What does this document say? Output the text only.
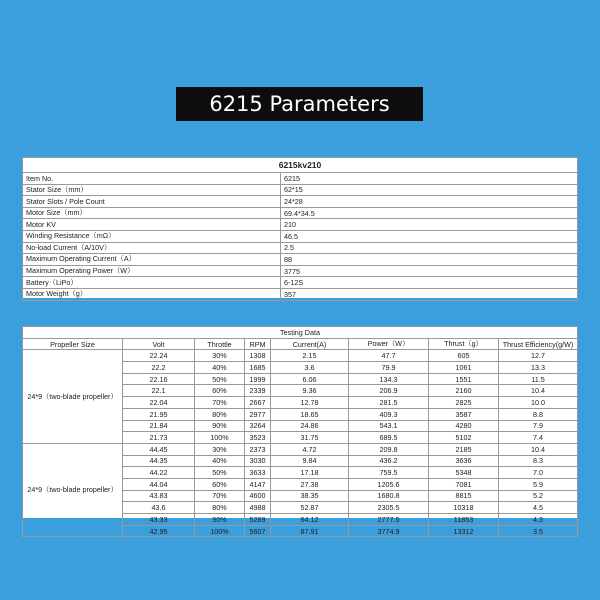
6215 Parameters
6215kv210	
Item No.	6215
Stator Size（mm）	62*15
Stator Slots / Pole Count	24*28
Motor Size（mm）	69.4*34.5
Motor KV	210
Winding Resistance（mΩ）	46.5
No-load Current（A/10V）	2.5
Maximum Operating Current（A）	88
Maximum Operating Power（W）	3775
Battery（LiPo）	6-12S
Motor Weight（g）	357
Testing Data							
Propeller Size	Volt	Throttle	RPM	Current(A)	Power（W）	Thrust（g）	Thrust Efficiency(g/W)
24*9（two-blade propeller）	22.24	30%	1308	2.15	47.7	605	12.7
	22.2	40%	1685	3.6	79.9	1061	13.3
	22.16	50%	1999	6.06	134.3	1551	11.5
	22.1	60%	2339	9.36	206.9	2160	10.4
	22.04	70%	2667	12.78	281.5	2825	10.0
	21.95	80%	2977	18.65	409.3	3587	8.8
	21.84	90%	3264	24.86	543.1	4280	7.9
	21.73	100%	3523	31.75	689.5	5102	7.4
24*9（two-blade propeller）	44.45	30%	2373	4.72	209.8	2185	10.4
	44.35	40%	3030	9.84	436.2	3636	8.3
	44.22	50%	3633	17.18	759.5	5348	7.0
	44.04	60%	4147	27.38	1205.6	7081	5.9
	43.83	70%	4600	38.35	1680.8	8815	5.2
	43.6	80%	4988	52.87	2305.5	10318	4.5
	43.33	90%	5289	64.12	2777.5	11853	4.3
	42.95	100%	5607	87.91	3774.9	13312	3.5
